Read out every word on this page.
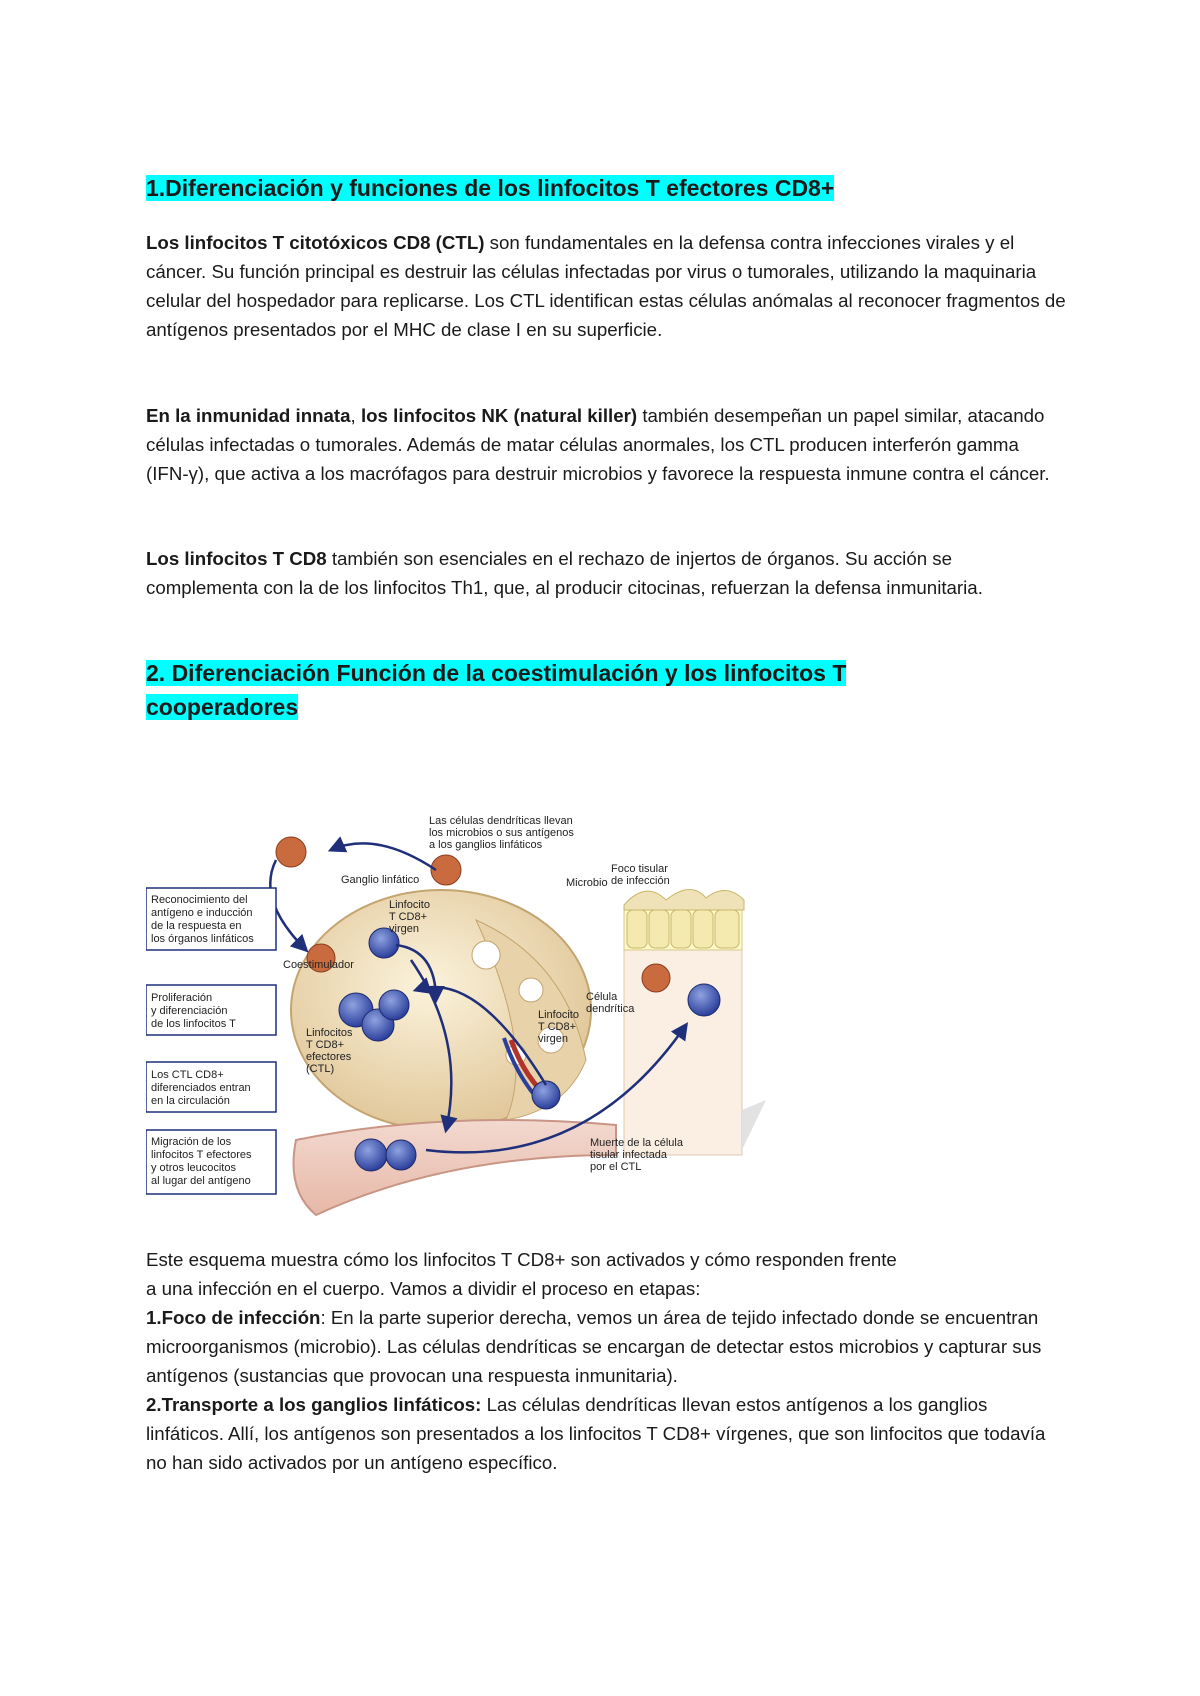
1.Diferenciación y funciones de los linfocitos T efectores CD8+

Los linfocitos T citotóxicos CD8 (CTL) son fundamentales en la defensa contra infecciones virales y el cáncer. Su función principal es destruir las células infectadas por virus o tumorales, utilizando la maquinaria celular del hospedador para replicarse. Los CTL identifican estas células anómalas al reconocer fragmentos de antígenos presentados por el MHC de clase I en su superficie.

En la inmunidad innata, los linfocitos NK (natural killer) también desempeñan un papel similar, atacando células infectadas o tumorales. Además de matar células anormales, los CTL producen interferón gamma (IFN-γ), que activa a los macrófagos para destruir microbios y favorece la respuesta inmune contra el cáncer.

Los linfocitos T CD8 también son esenciales en el rechazo de injertos de órganos. Su acción se complementa con la de los linfocitos Th1, que, al producir citocinas, refuerzan la defensa inmunitaria.

2. Diferenciación Función de la coestimulación y los linfocitos T
cooperadores
Las células dendríticas llevan
los microbios o sus antígenos
a los ganglios linfáticos
Ganglio linfático
Foco tisular
de infección
Microbio
Linfocito
T CD8+
virgen
Coestimulador
Célula
dendrítica
Linfocito
T CD8+
virgen
Linfocitos
T CD8+
efectores
(CTL)
Muerte de la célula
tisular infectada
por el CTL
Reconocimiento del
antígeno e inducción
de la respuesta en
los órganos linfáticos
Proliferación
y diferenciación
de los linfocitos T
Los CTL CD8+
diferenciados entran
en la circulación
Migración de los
linfocitos T efectores
y otros leucocitos
al lugar del antígeno
Este esquema muestra cómo los linfocitos T CD8+ son activados y cómo responden frente
a una infección en el cuerpo. Vamos a dividir el proceso en etapas:
1.Foco de infección: En la parte superior derecha, vemos un área de tejido infectado donde se encuentran microorganismos (microbio). Las células dendríticas se encargan de detectar estos microbios y capturar sus antígenos (sustancias que provocan una respuesta inmunitaria).
2.Transporte a los ganglios linfáticos: Las células dendríticas llevan estos antígenos a los ganglios linfáticos. Allí, los antígenos son presentados a los linfocitos T CD8+ vírgenes, que son linfocitos que todavía no han sido activados por un antígeno específico.
